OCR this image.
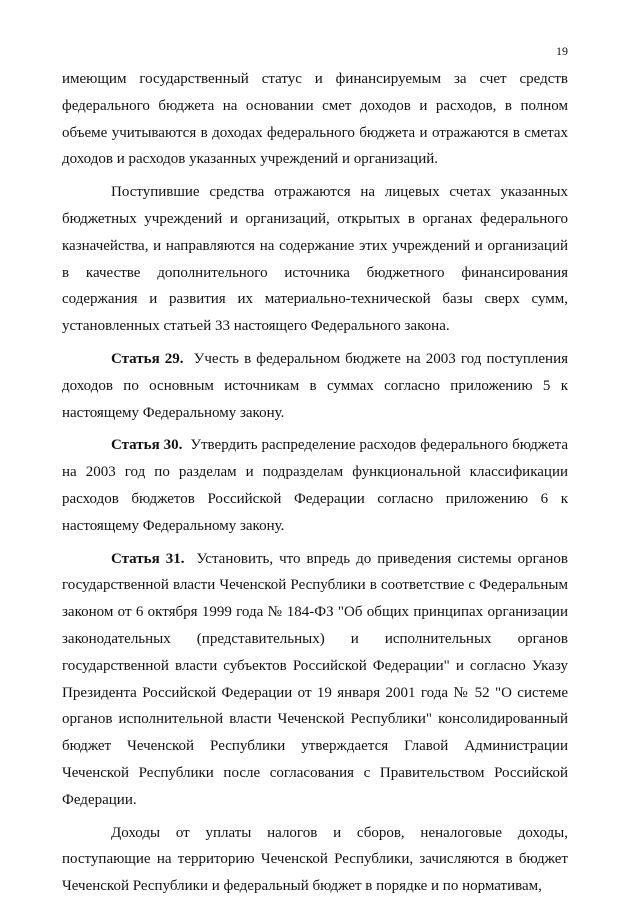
19

имеющим государственный статус и финансируемым за счет средств федерального бюджета на основании смет доходов и расходов, в полном объеме учитываются в доходах федерального бюджета и отражаются в сметах доходов и расходов указанных учреждений и организаций.

Поступившие средства отражаются на лицевых счетах указанных бюджетных учреждений и организаций, открытых в органах федерального казначейства, и направляются на содержание этих учреждений и организаций в качестве дополнительного источника бюджетного финансирования содержания и развития их материально-технической базы сверх сумм, установленных статьей 33 настоящего Федерального закона.

Статья 29. Учесть в федеральном бюджете на 2003 год поступления доходов по основным источникам в суммах согласно приложению 5 к настоящему Федеральному закону.

Статья 30. Утвердить распределение расходов федерального бюджета на 2003 год по разделам и подразделам функциональной классификации расходов бюджетов Российской Федерации согласно приложению 6 к настоящему Федеральному закону.

Статья 31. Установить, что впредь до приведения системы органов государственной власти Чеченской Республики в соответствие с Федеральным законом от 6 октября 1999 года № 184-ФЗ "Об общих принципах организации законодательных (представительных) и исполнительных органов государственной власти субъектов Российской Федерации" и согласно Указу Президента Российской Федерации от 19 января 2001 года № 52 "О системе органов исполнительной власти Чеченской Республики" консолидированный бюджет Чеченской Республики утверждается Главой Администрации Чеченской Республики после согласования с Правительством Российской Федерации.

Доходы от уплаты налогов и сборов, неналоговые доходы, поступающие на территорию Чеченской Республики, зачисляются в бюджет Чеченской Республики и федеральный бюджет в порядке и по нормативам,
